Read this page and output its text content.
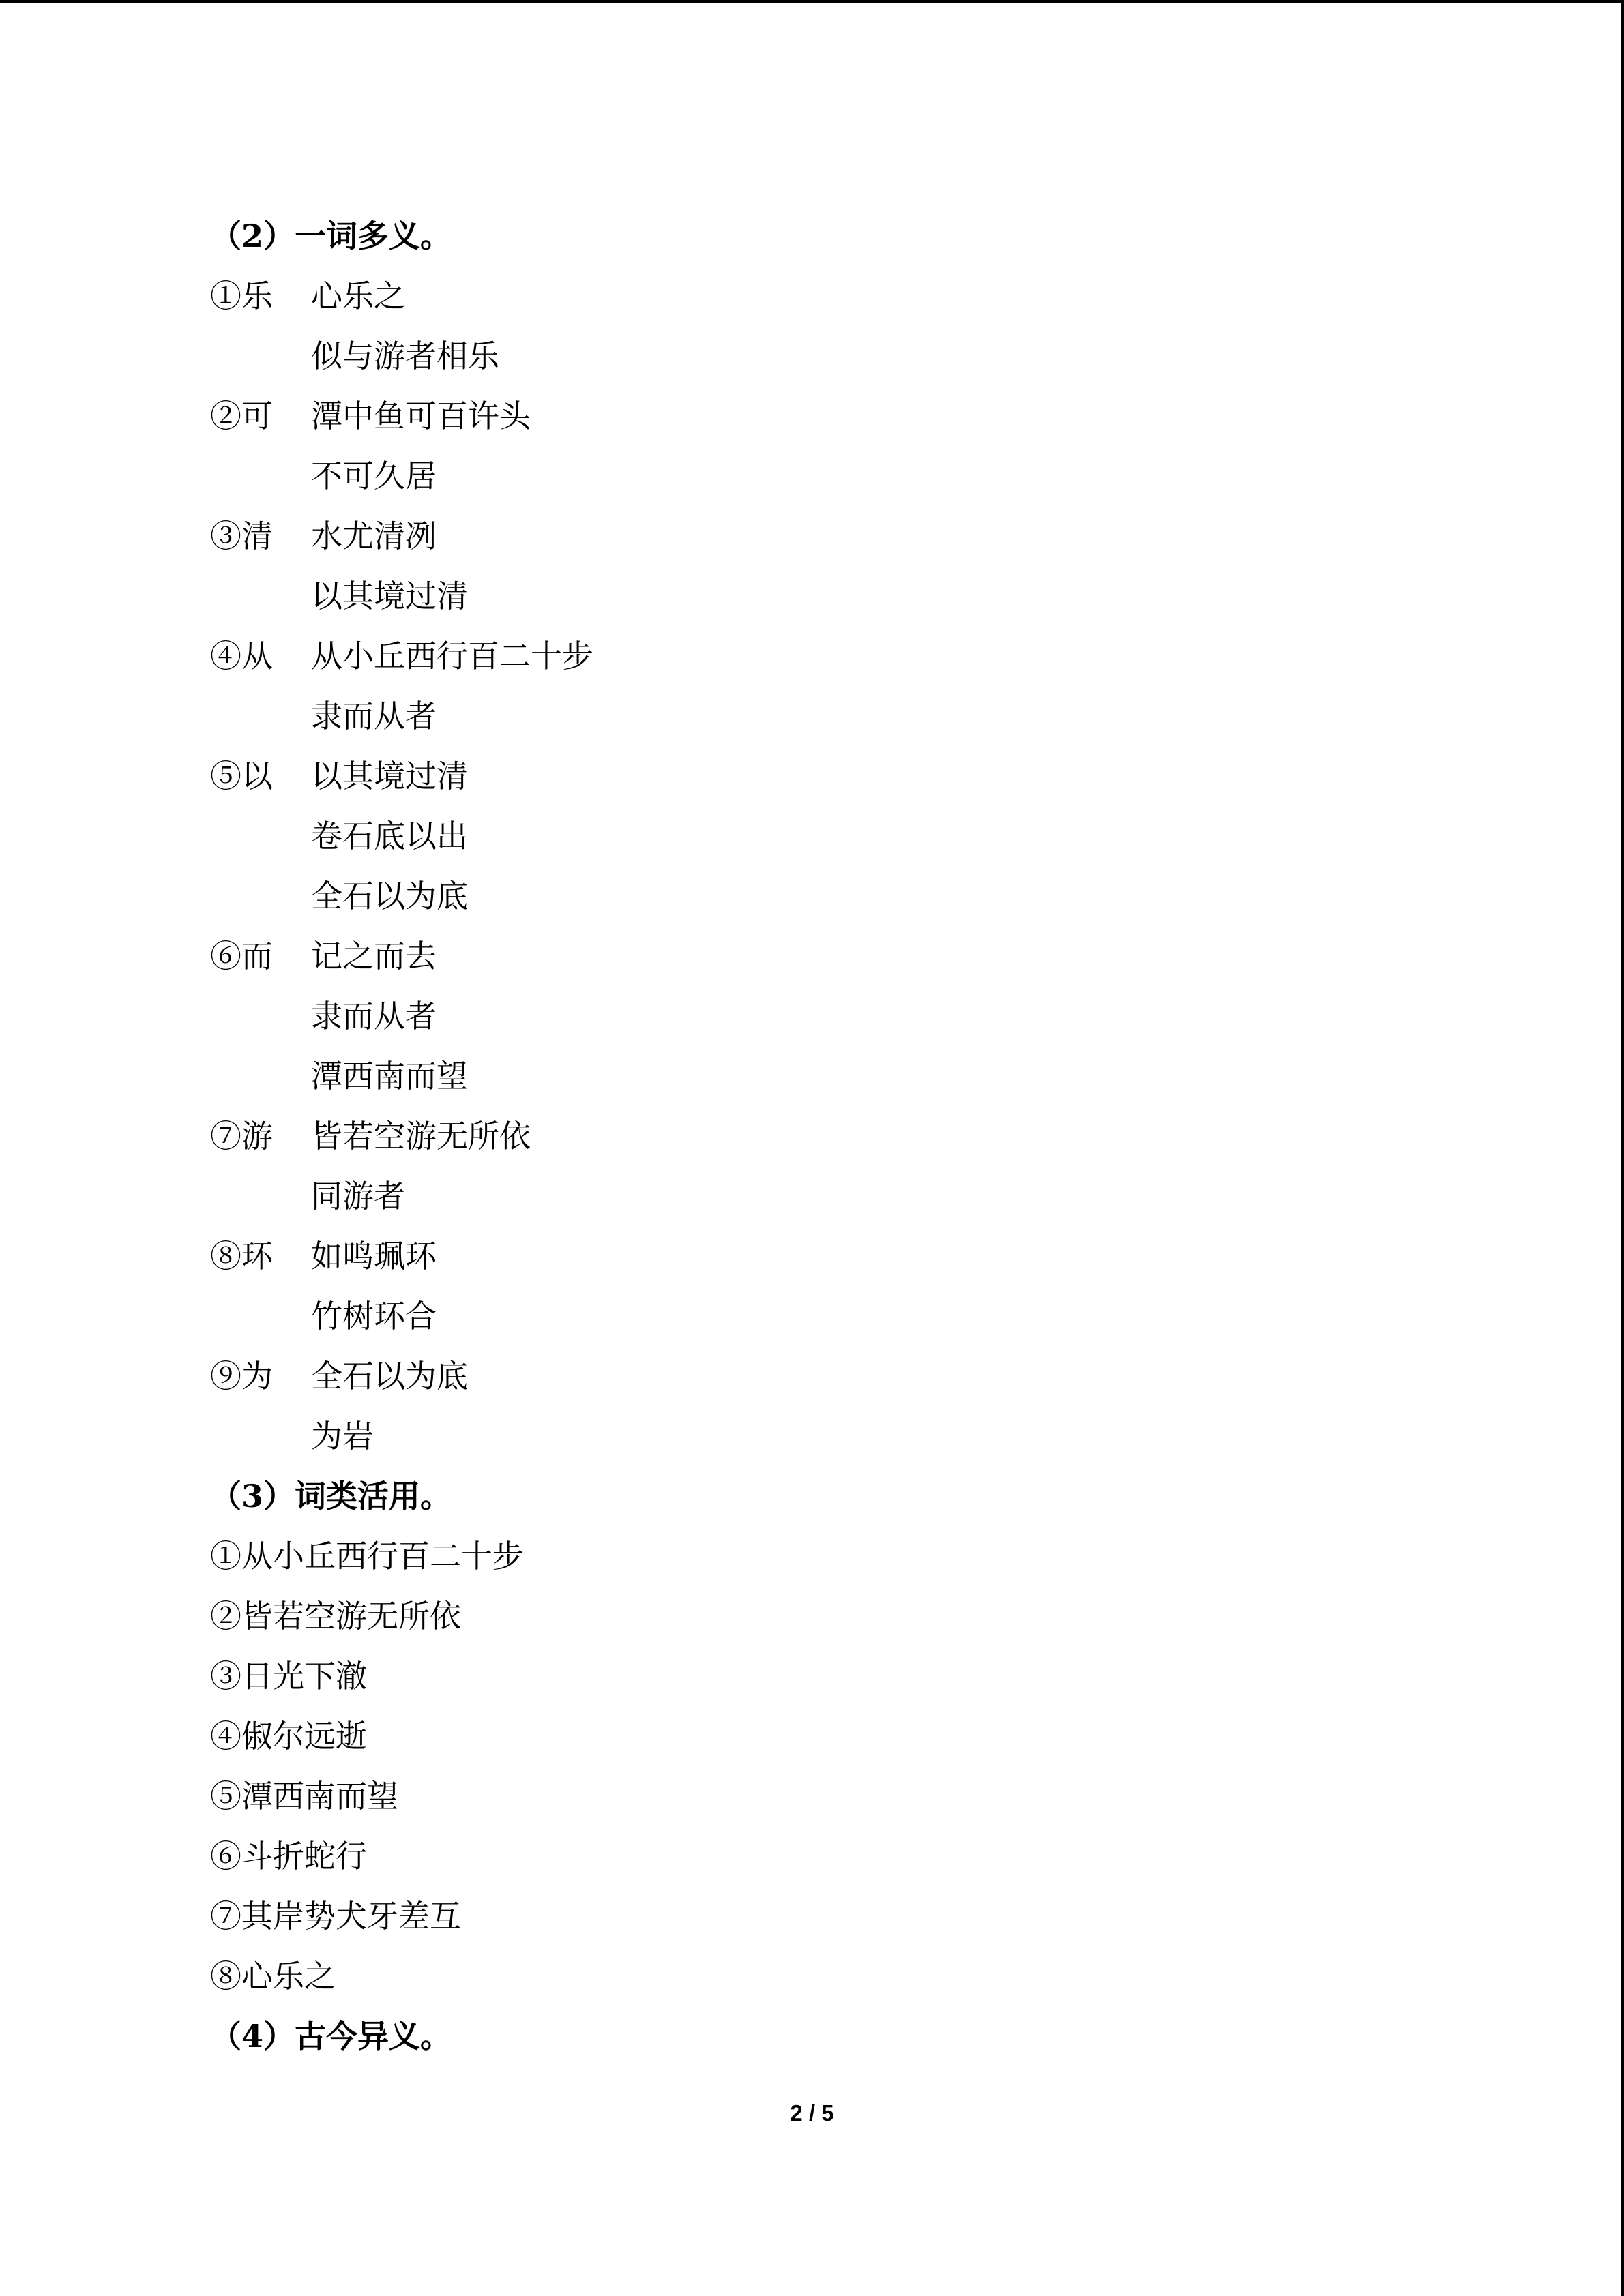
（2）一词多义。
①乐	心乐之
似与游者相乐
②可	潭中鱼可百许头
不可久居
③清	水尤清冽
以其境过清
④从	从小丘西行百二十步
隶而从者
⑤以	以其境过清
卷石底以出
全石以为底
⑥而	记之而去
隶而从者
潭西南而望
⑦游	皆若空游无所依
同游者
⑧环	如鸣珮环
竹树环合
⑨为	全石以为底
为岩
（3）词类活用。
①从小丘西行百二十步
②皆若空游无所依
③日光下澈
④俶尔远逝
⑤潭西南而望
⑥斗折蛇行
⑦其岸势犬牙差互
⑧心乐之
（4）古今异义。
2 / 5
